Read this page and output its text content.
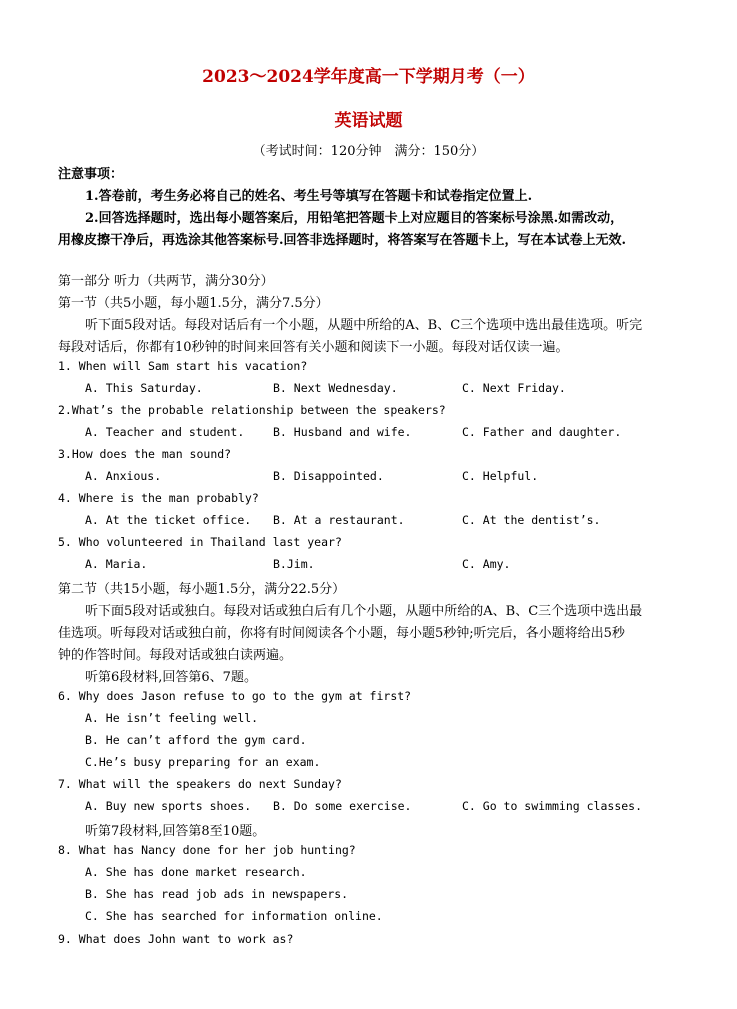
2023～2024学年度高一下学期月考（一）
英语试题
（考试时间：120分钟　满分：150分）
注意事项：
1.答卷前，考生务必将自己的姓名、考生号等填写在答题卡和试卷指定位置上.
2.回答选择题时，选出每小题答案后，用铅笔把答题卡上对应题目的答案标号涂黑.如需改动，
用橡皮擦干净后，再选涂其他答案标号.回答非选择题时，将答案写在答题卡上，写在本试卷上无效.
第一部分 听力（共两节，满分30分）
第一节（共5小题，每小题1.5分，满分7.5分）
听下面5段对话。每段对话后有一个小题，从题中所给的A、B、C三个选项中选出最佳选项。听完
每段对话后，你都有10秒钟的时间来回答有关小题和阅读下一小题。每段对话仅读一遍。
1. When will Sam start his vacation?
A. This Saturday.	B. Next Wednesday.	C. Next Friday.
2.What’s the probable relationship between the speakers?
A. Teacher and student.	B. Husband and wife.	C. Father and daughter.
3.How does the man sound?
A. Anxious.	B. Disappointed.	C. Helpful.
4. Where is the man probably?
A. At the ticket office. B. At a restaurant.	C. At the dentist’s.
5. Who volunteered in Thailand last year?
A. Maria.	B.Jim.	C. Amy.
第二节（共15小题，每小题1.5分，满分22.5分）
听下面5段对话或独白。每段对话或独白后有几个小题，从题中所给的A、B、C三个选项中选出最
佳选项。听每段对话或独白前，你将有时间阅读各个小题，每小题5秒钟;听完后，各小题将给出5秒
钟的作答时间。每段对话或独白读两遍。
听第6段材料,回答第6、7题。
6. Why does Jason refuse to go to the gym at first?
A. He isn’t feeling well.
B. He can’t afford the gym card.
C.He’s busy preparing for an exam.
7. What will the speakers do next Sunday?
A. Buy new sports shoes. B. Do some exercise.	C. Go to swimming classes.
听第7段材料,回答第8至10题。
8. What has Nancy done for her job hunting?
A. She has done market research.
B. She has read job ads in newspapers.
C. She has searched for information online.
9. What does John want to work as?
